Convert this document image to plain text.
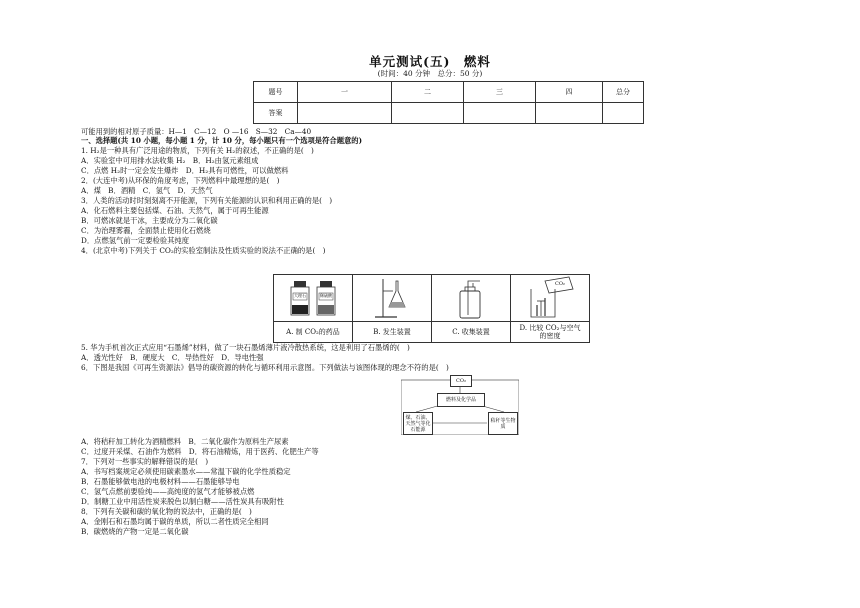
单元测试(五)　燃料
(时间：40 分钟　总分：50 分)
题号	一	二	三	四	总分
答案					
可能用到的相对原子质量：H—1　C—12　O —16　S—32　Ca—40
一、选择题(共 10 小题，每小题 1 分，计 10 分，每小题只有一个选项是符合题意的)
1. H₂是一种具有广泛用途的物质，下列有关 H₂的叙述，不正确的是(　)
A．实验室中可用排水法收集 H₂　B．H₂由氢元素组成
C．点燃 H₂时一定会发生爆炸　D．H₂具有可燃性，可以做燃料
2．(大连中考)从环保的角度考虑，下列燃料中最理想的是(　)
A．煤　B．酒精　C．氢气　D．天然气
3．人类的活动时时刻刻离不开能源，下列有关能源的认识和利用正确的是(　)
A．化石燃料主要包括煤、石油、天然气，属于可再生能源
B．可燃冰就是干冰，主要成分为二氧化碳
C．为治理雾霾，全面禁止使用化石燃烧
D．点燃氢气前一定要检验其纯度
4．(北京中考)下列关于 CO₂的实验室制法及性质实验的说法不正确的是(　)
大理石	稀硫酸
A. 制 CO₂的药品	B. 发生装置	C. 收集装置
CO₂
D. 比较 CO₂与空气
的密度
5. 华为手机首次正式应用“石墨烯”材料，做了一块石墨烯薄片液冷散热系统，这是利用了石墨烯的(　)
A．透光性好　B．硬度大　C．导热性好　D．导电性强
6．下图是我国《可再生资源法》倡导的碳资源的转化与循环利用示意图。下列做法与该图体现的理念不符的是(　)
CO₂
燃料及化学品
煤、石油、天然气等化石能源
秸秆等生物质
A．将秸秆加工转化为酒精燃料　B．二氧化碳作为原料生产尿素
C．过度开采煤、石油作为燃料　D．将石油精炼，用于医药、化肥生产等
7．下列对一些事实的解释错误的是(　)
A．书写档案规定必须使用碳素墨水——常温下碳的化学性质稳定
B．石墨能够做电池的电极材料——石墨能够导电
C．氢气点燃前要验纯——高纯度的氢气才能够被点燃
D．制糖工业中用活性炭来脱色以制白糖——活性炭具有吸附性
8．下列有关碳和碳的氧化物的说法中，正确的是(　)
A．金刚石和石墨均属于碳的单质，所以二者性质完全相同
B．碳燃烧的产物一定是二氧化碳
